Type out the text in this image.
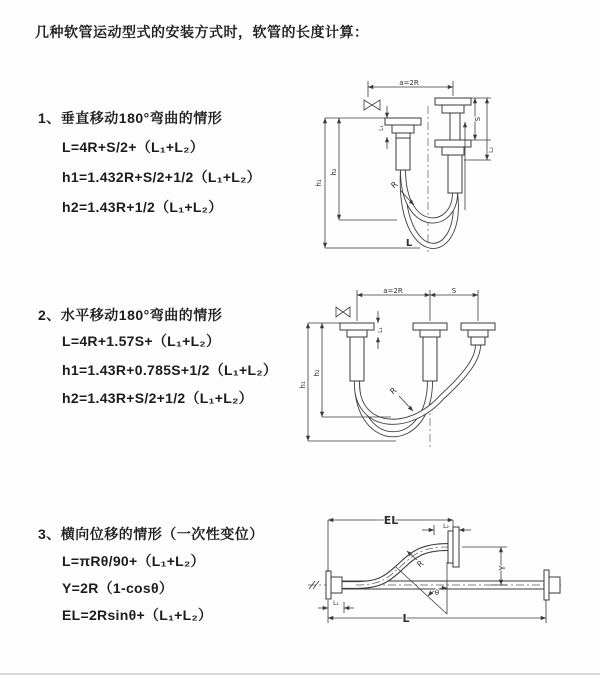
几种软管运动型式的安装方式时，软管的长度计算：
1、垂直移动180°弯曲的情形
L=4R+S/2+（L₁+L₂）
h1=1.432R+S/2+1/2（L₁+L₂）
h2=1.43R+1/2（L₁+L₂）
2、水平移动180°弯曲的情形
L=4R+1.57S+（L₁+L₂）
h1=1.43R+0.785S+1/2（L₁+L₂）
h2=1.43R+S/2+1/2（L₁+L₂）
3、横向位移的情形（一次性变位）
L=πRθ/90+（L₁+L₂）
Y=2R（1-cosθ）
EL=2Rsinθ+（L₁+L₂）
a=2R
h₁
h₂
L₁
S
L₂
R
L
a=2R	S
h₁
h₂
L₁
R
EL	L₂
Y
R
θ
L
L₁
